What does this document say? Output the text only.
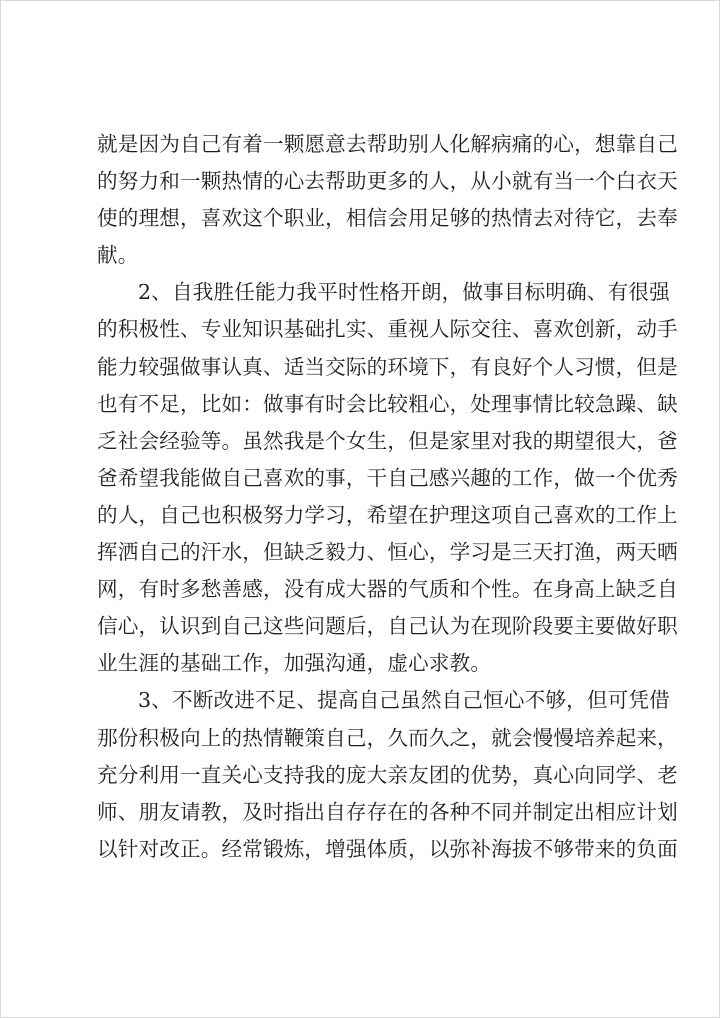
就是因为自己有着一颗愿意去帮助别人化解病痛的心，想靠自己
的努力和一颗热情的心去帮助更多的人，从小就有当一个白衣天
使的理想，喜欢这个职业，相信会用足够的热情去对待它，去奉
献。
2、自我胜任能力我平时性格开朗，做事目标明确、有很强
的积极性、专业知识基础扎实、重视人际交往、喜欢创新，动手
能力较强做事认真、适当交际的环境下，有良好个人习惯，但是
也有不足，比如：做事有时会比较粗心，处理事情比较急躁、缺
乏社会经验等。虽然我是个女生，但是家里对我的期望很大，爸
爸希望我能做自己喜欢的事，干自己感兴趣的工作，做一个优秀
的人，自己也积极努力学习，希望在护理这项自己喜欢的工作上
挥洒自己的汗水，但缺乏毅力、恒心，学习是三天打渔，两天晒
网，有时多愁善感，没有成大器的气质和个性。在身高上缺乏自
信心，认识到自己这些问题后，自己认为在现阶段要主要做好职
业生涯的基础工作，加强沟通，虚心求教。
3、不断改进不足、提高自己虽然自己恒心不够，但可凭借
那份积极向上的热情鞭策自己，久而久之，就会慢慢培养起来，
充分利用一直关心支持我的庞大亲友团的优势，真心向同学、老
师、朋友请教，及时指出自存存在的各种不同并制定出相应计划
以针对改正。经常锻炼，增强体质，以弥补海拔不够带来的负面
